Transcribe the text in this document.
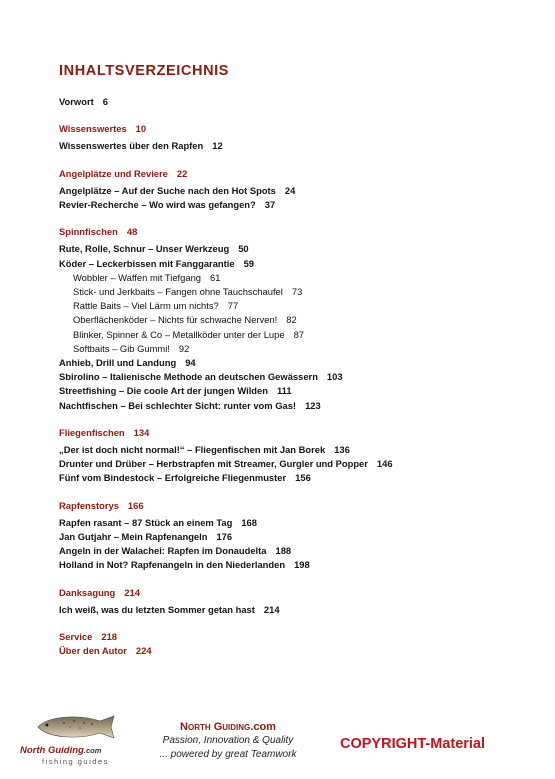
INHALTSVERZEICHNIS
Vorwort 6
Wissenswertes 10
Wissenswertes über den Rapfen 12
Angelplätze und Reviere 22
Angelplätze – Auf der Suche nach den Hot Spots 24
Revier-Recherche – Wo wird was gefangen? 37
Spinnfischen 48
Rute, Rolle, Schnur – Unser Werkzeug 50
Köder – Leckerbissen mit Fanggarantie 59
Wobbler – Waffen mit Tiefgang 61
Stick- und Jerkbaits – Fangen ohne Tauchschaufel 73
Rattle Baits – Viel Lärm um nichts? 77
Oberflächenköder – Nichts für schwache Nerven! 82
Blinker, Spinner & Co – Metallköder unter der Lupe 87
Softbaits – Gib Gummi! 92
Anhieb, Drill und Landung 94
Sbirolino – Italienische Methode an deutschen Gewässern 103
Streetfishing – Die coole Art der jungen Wilden 111
Nachtfischen – Bei schlechter Sicht: runter vom Gas! 123
Fliegenfischen 134
„Der ist doch nicht normal!“ – Fliegenfischen mit Jan Borek 136
Drunter und Drüber – Herbstrapfen mit Streamer, Gurgler und Popper 146
Fünf vom Bindestock – Erfolgreiche Fliegenmuster 156
Rapfenstorys 166
Rapfen rasant – 87 Stück an einem Tag 168
Jan Gutjahr – Mein Rapfenangeln 176
Angeln in der Walachei: Rapfen im Donaudelta 188
Holland in Not? Rapfenangeln in den Niederlanden 198
Danksagung 214
Ich weiß, was du letzten Sommer getan hast 214
Service 218
Über den Autor 224
North Guiding.com
fishing guides
North Guiding.com
Passion, Innovation & Quality
... powered by great Teamwork
COPYRIGHT-Material
